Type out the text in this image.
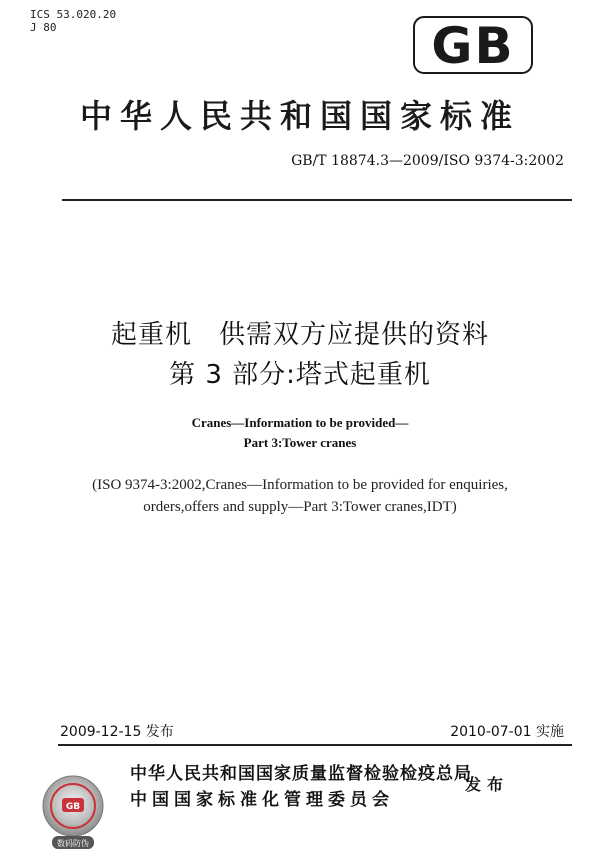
ICS 53.020.20
J 80	GB
中华人民共和国国家标准
GB/T 18874.3—2009/ISO 9374-3:2002
起重机　供需双方应提供的资料
第 3 部分:塔式起重机
Cranes—Information to be provided—
Part 3:Tower cranes
(ISO 9374-3:2002,Cranes—Information to be provided for enquiries,
orders,offers and supply—Part 3:Tower cranes,IDT)
2009-12-15 发布	2010-07-01 实施
中华人民共和国国家质量监督检验检疫总局
中国国家标准化管理委员会
发布
GB
数码防伪
